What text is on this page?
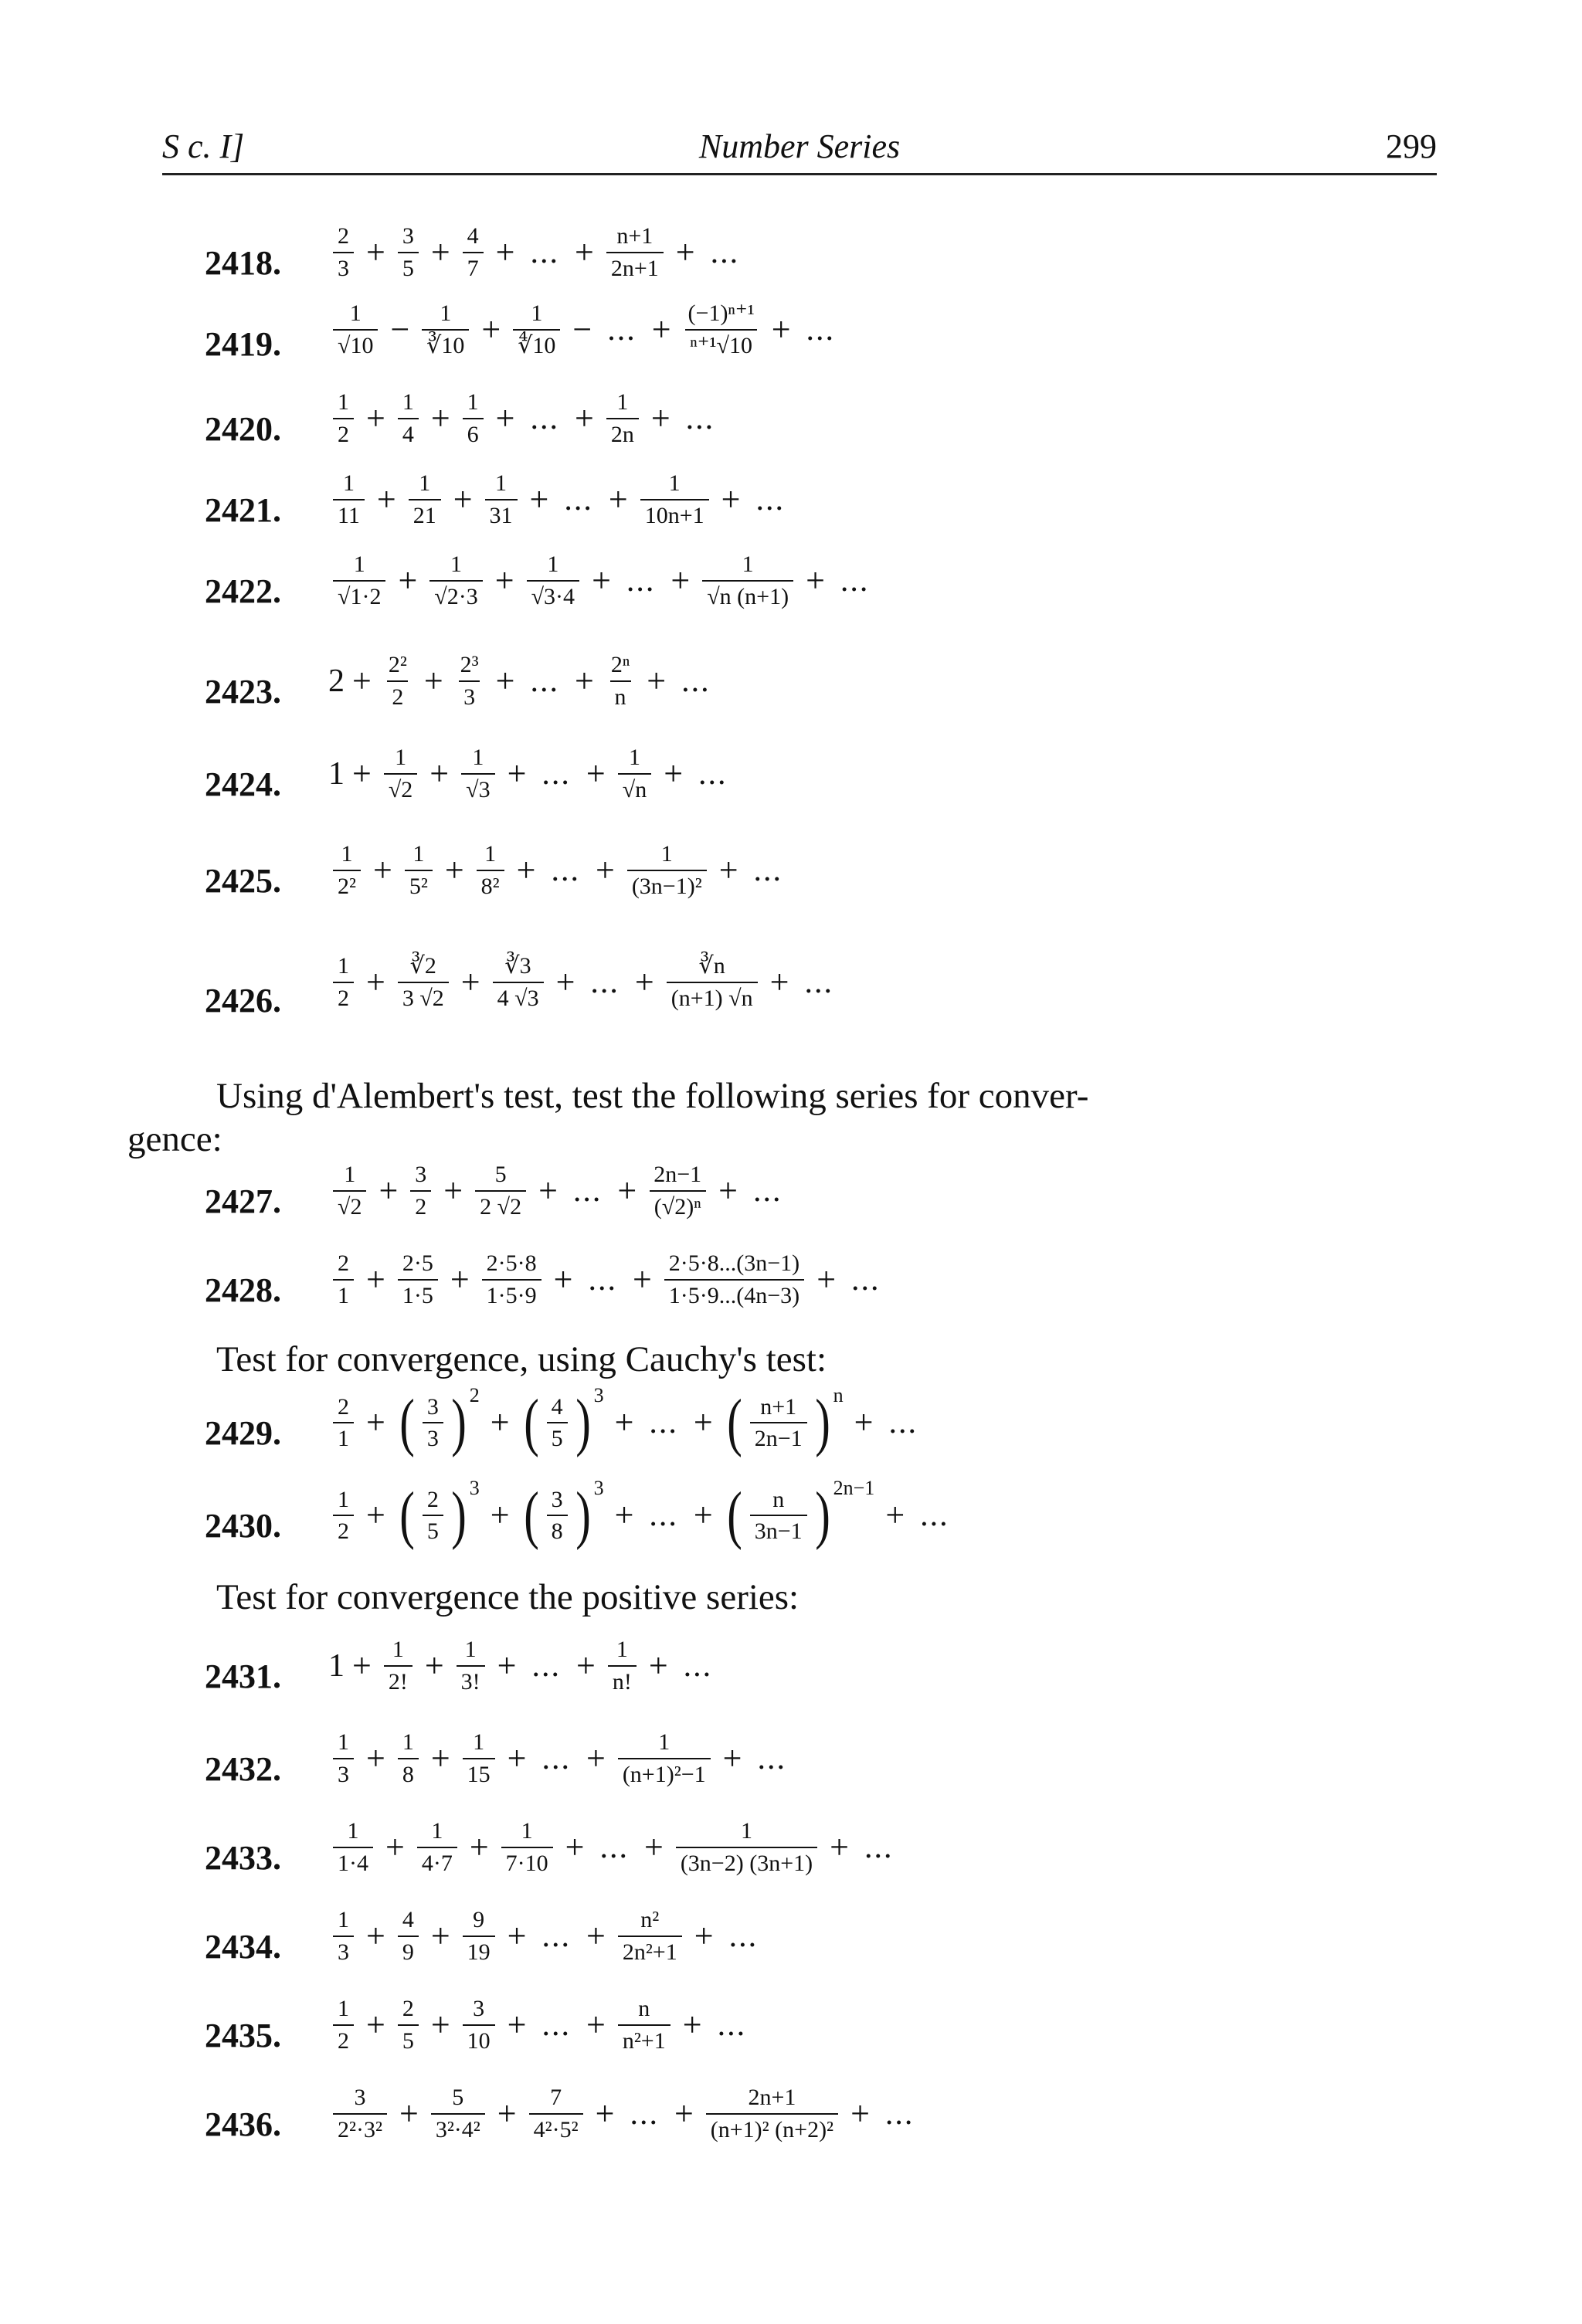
S c. I]	Number Series	299
2418.	$\frac{2}{3} + \frac{3}{5} + \frac{4}{7}$ + ... + $\frac{n+1}{2n+1}$ + ...
2419.	$\frac{1}{√10} - \frac{1}{∛10} + \frac{1}{∜10}$ − ... + $\frac{\text{(−1)ⁿ⁺¹}}{\text{ⁿ⁺¹√10}}$ + ...
2420.	$\frac{1}{2} + \frac{1}{4} + \frac{1}{6}$ + ... + $\frac{1}{2n}$ + ...
2421.	$\frac{1}{11} + \frac{1}{21} + \frac{1}{31}$ + ... + $\frac{1}{10n+1}$ + ...
2422.	$\frac{1}{√1\cdot 2} + \frac{1}{√2\cdot 3} + \frac{1}{√3\cdot 4}$ + ... + $\frac{1}{√n (n+1)}$ + ...
2423.	$2 + \frac{\text{2²}}{2} + \frac{\text{2³}}{3}$ + ... + $\frac{\text{2ⁿ}}{n}$ + ...
2424.	$1 + \frac{1}{√2} + \frac{1}{√3}$ + ... + $\frac{1}{√n}$ + ...
2425.	$\frac{1}{\text{2²}} + \frac{1}{\text{5²}} + \frac{1}{\text{8²}}$ + ... + $\frac{1}{\text{(3n−1)²}}$ + ...
2426.	$\frac{1}{2} + \frac{∛2}{3 √2} + \frac{∛3}{4 √3}$ + ... + $\frac{∛n}{(n+1) √n}$ + ...
Using d'Alembert's test, test the following series for conver-
gence:
2427.	$\frac{1}{√2} + \frac{3}{2} + \frac{5}{2 √2}$ + ... + $\frac{2n-1}{\text{(√2)ⁿ}}$ + ...
2428.	$\frac{2}{1} + \frac{2\cdot 5}{1\cdot 5} + \frac{2\cdot 5\cdot 8}{1\cdot 5\cdot 9}$ + ... + $\frac{2\cdot 5\cdot 8...(3n-1)}{1\cdot 5\cdot 9...(4n-3)}$ + ...
Test for convergence, using Cauchy's test:
2429.	$\frac{2}{1}$ + ( $\frac{3}{3}$ ) 2
+ ( $\frac{4}{5}$ ) 3
+ ... + ( $\frac{n+1}{2n-1}$ ) n
+ ...
2430.	$\frac{1}{2}$ + ( $\frac{2}{5}$ ) 3
+ ( $\frac{3}{8}$ ) 3
+ ... + ( $\frac{n}{3n-1}$ ) 2n−1
+ ...
Test for convergence the positive series:
2431.	$1 + \frac{1}{2!} + \frac{1}{3!}$ + ... + $\frac{1}{n!}$ + ...
2432.	$\frac{1}{3} + \frac{1}{8} + \frac{1}{15}$ + ... + $\frac{1}{\text{(n+1)²−1}}$ + ...
2433.	$\frac{1}{1\cdot 4} + \frac{1}{4\cdot 7} + \frac{1}{7\cdot 10}$ + ... + $\frac{1}{(3n-2) (3n+1)}$ + ...
2434.	$\frac{1}{3} + \frac{4}{9} + \frac{9}{19}$ + ... + $\frac{\text{n²}}{\text{2n²+1}}$ + ...
2435.	$\frac{1}{2} + \frac{2}{5} + \frac{3}{10}$ + ... + $\frac{n}{\text{n²+1}}$ + ...
2436.	$\frac{3}{\text{2²·3²}} + \frac{5}{\text{3²·4²}} + \frac{7}{\text{4²·5²}}$ + ... + $\frac{2n+1}{\text{(n+1)² (n+2)²}}$ + ...
